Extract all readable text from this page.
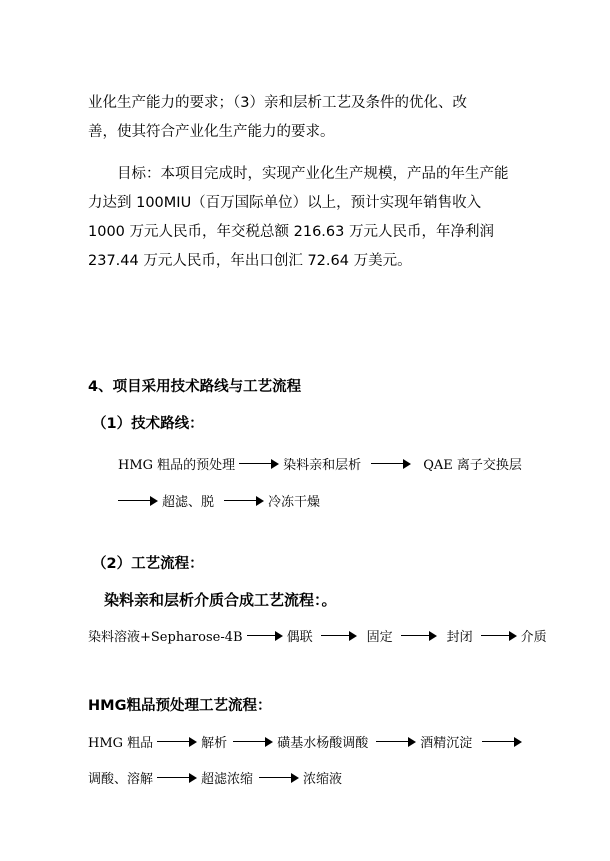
业化生产能力的要求；（3）亲和层析工艺及条件的优化、改

善，使其符合产业化生产能力的要求。

目标：本项目完成时，实现产业化生产规模，产品的年生产能力达到 100MIU（百万国际单位）以上，预计实现年销售收入 1000 万元人民币，年交税总额 216.63 万元人民币，年净利润 237.44 万元人民币，年出口创汇 72.64 万美元。

4、项目采用技术路线与工艺流程
（1）技术路线：
HMG 粗品的预处理	染料亲和层析	QAE 离子交换层
超滤、脱	冷冻干燥
（2）工艺流程：
染料亲和层析介质合成工艺流程：。
染料溶液+Sepharose-4B	偶联	固定	封闭	介质
HMG粗品预处理工艺流程：
HMG 粗品	解析	磺基水杨酸调酸	酒精沉淀
调酸、溶解	超滤浓缩	浓缩液
